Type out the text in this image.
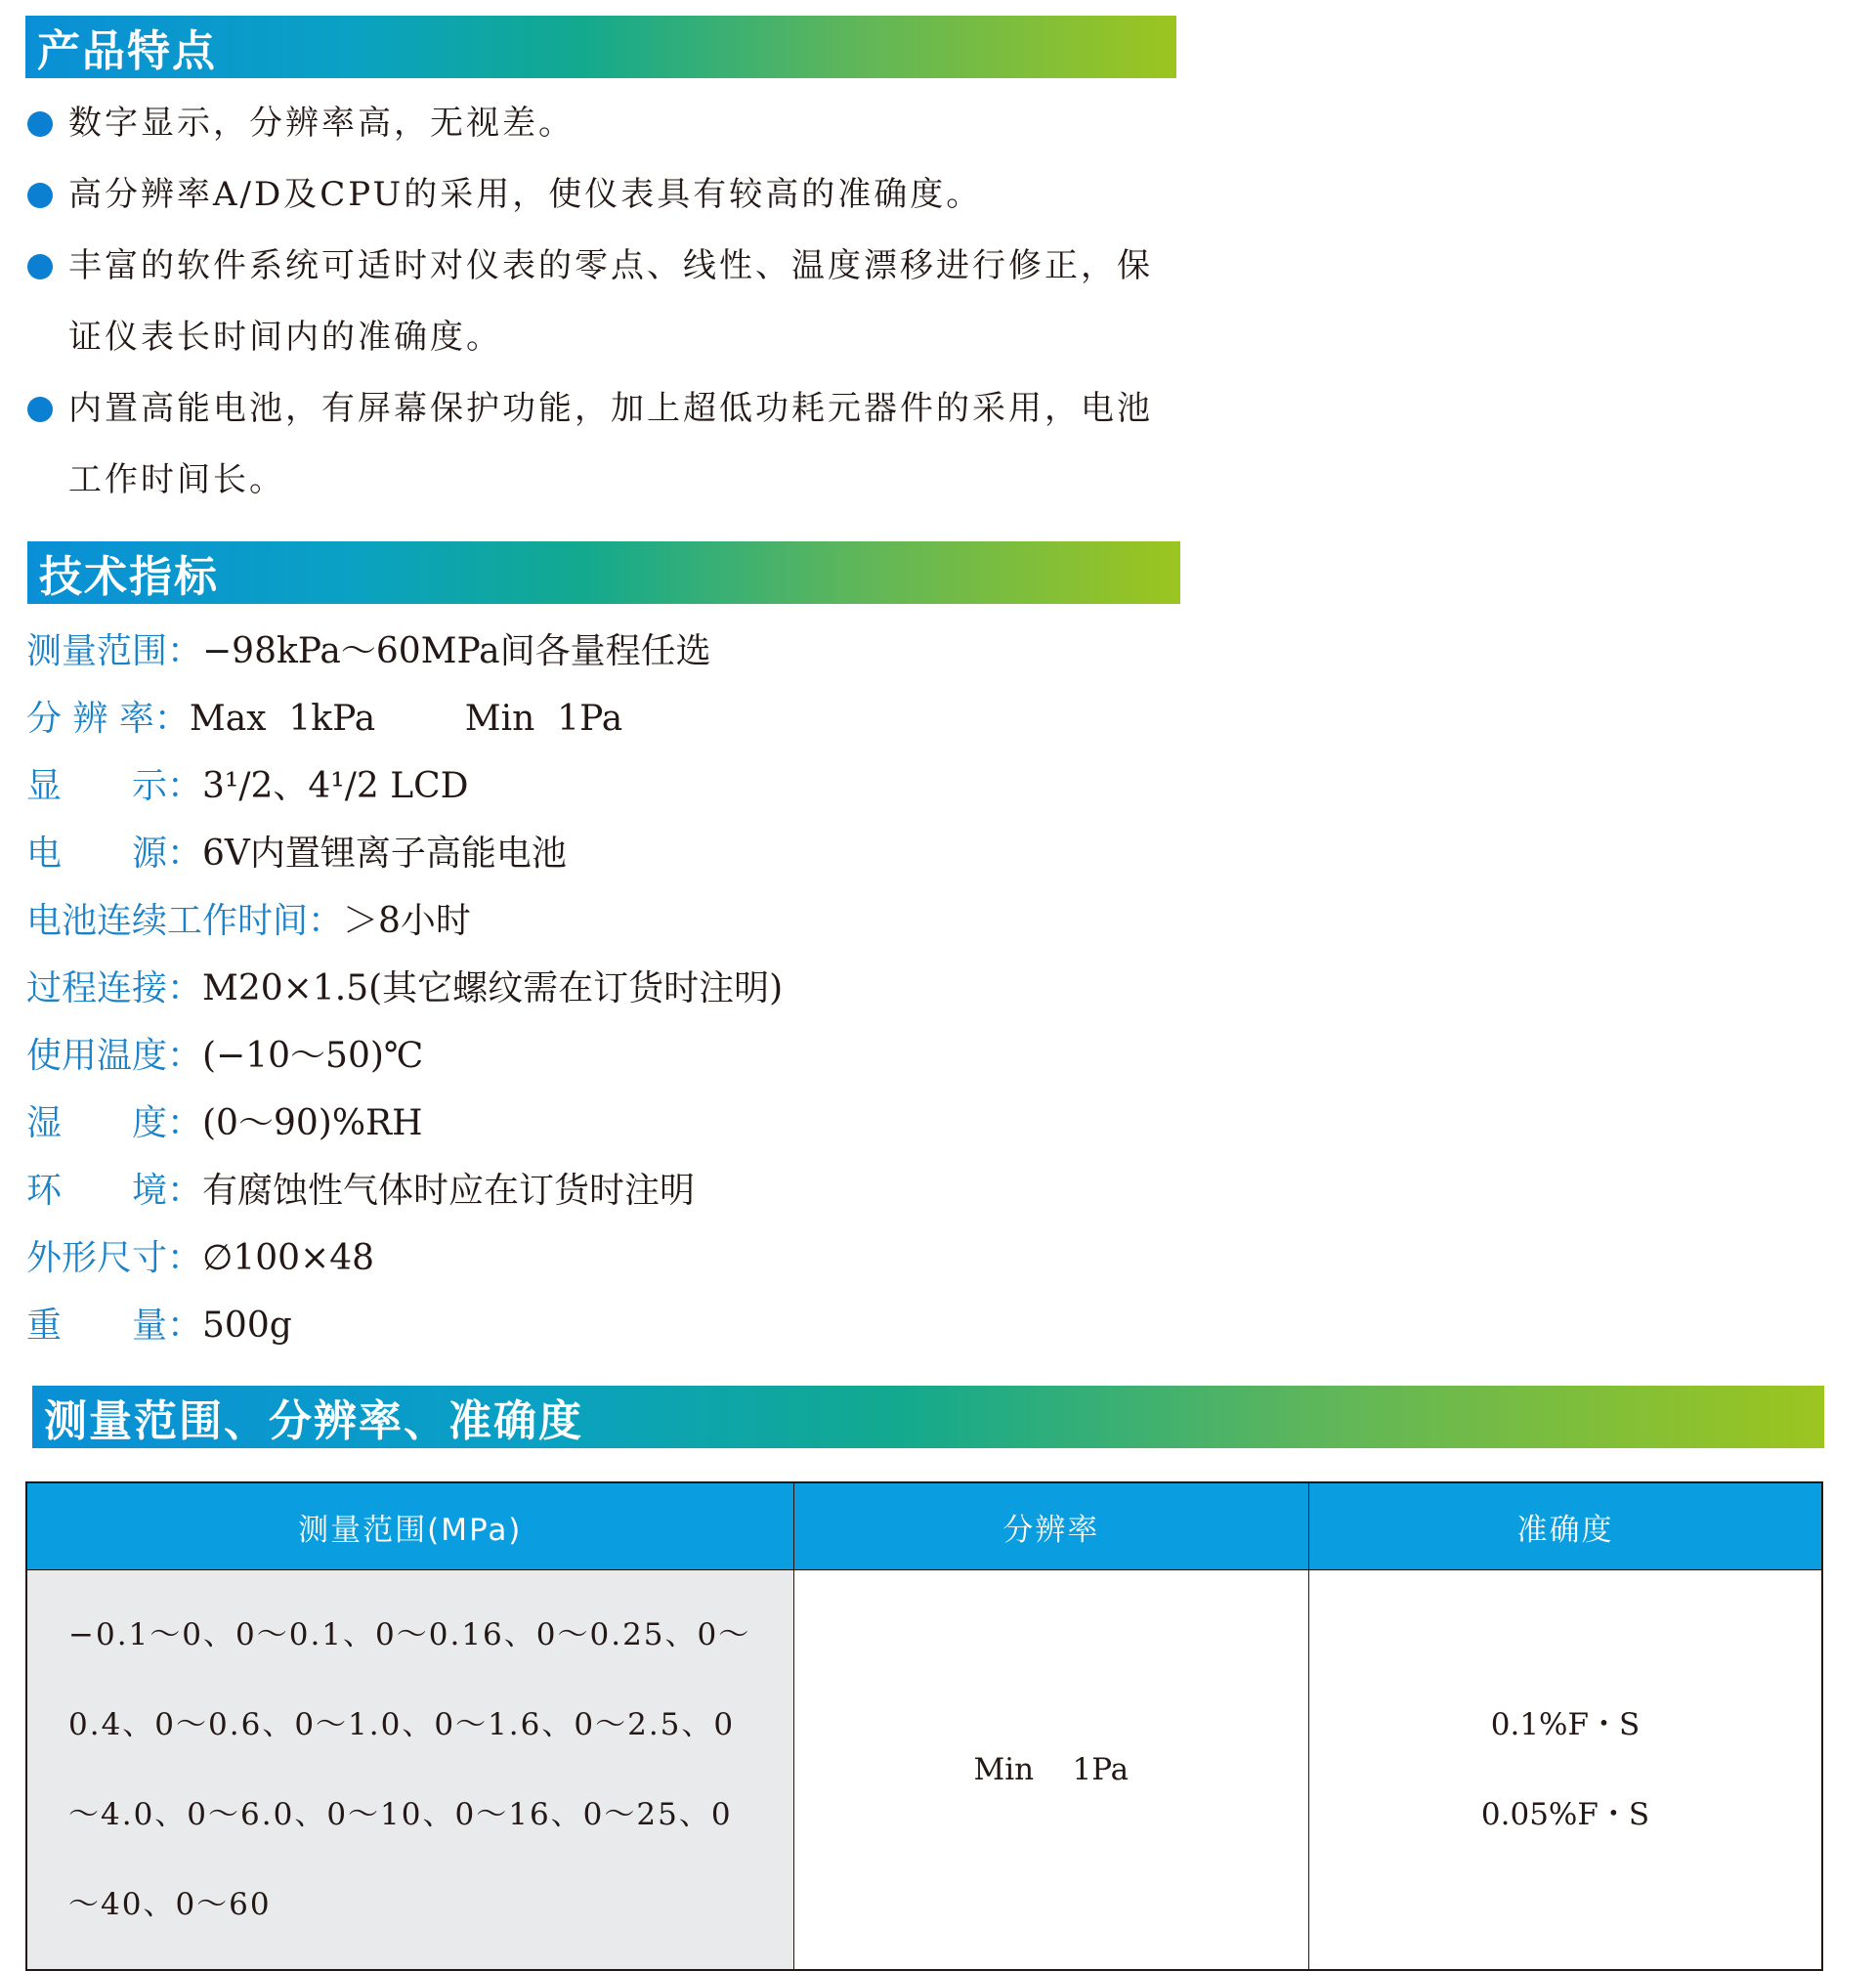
产品特点
数字显示，分辨率高，无视差。
高分辨率A/D及CPU的采用，使仪表具有较高的准确度。
丰富的软件系统可适时对仪表的零点、线性、温度漂移进行修正，保证仪表长时间内的准确度。
内置高能电池，有屏幕保护功能，加上超低功耗元器件的采用，电池工作时间长。
技术指标
测量范围：−98kPa～60MPa间各量程任选
分 辨 率：Max  1kPa        Min  1Pa
显　　示：3¹/2、4¹/2 LCD
电　　源：6V内置锂离子高能电池
电池连续工作时间：＞8小时
过程连接：M20×1.5(其它螺纹需在订货时注明)
使用温度：(−10～50)℃
湿　　度：(0～90)%RH
环　　境：有腐蚀性气体时应在订货时注明
外形尺寸：∅100×48
重　　量：500g
测量范围、分辨率、准确度
测量范围(MPa)	分辨率	准确度
−0.1～0、0～0.1、0～0.16、0～0.25、0～0.4、0～0.6、0～1.0、0～1.6、0～2.5、0～4.0、0～6.0、0～10、0～16、0～25、0～40、0～60	Min    1Pa	0.1%F・S
0.05%F・S
